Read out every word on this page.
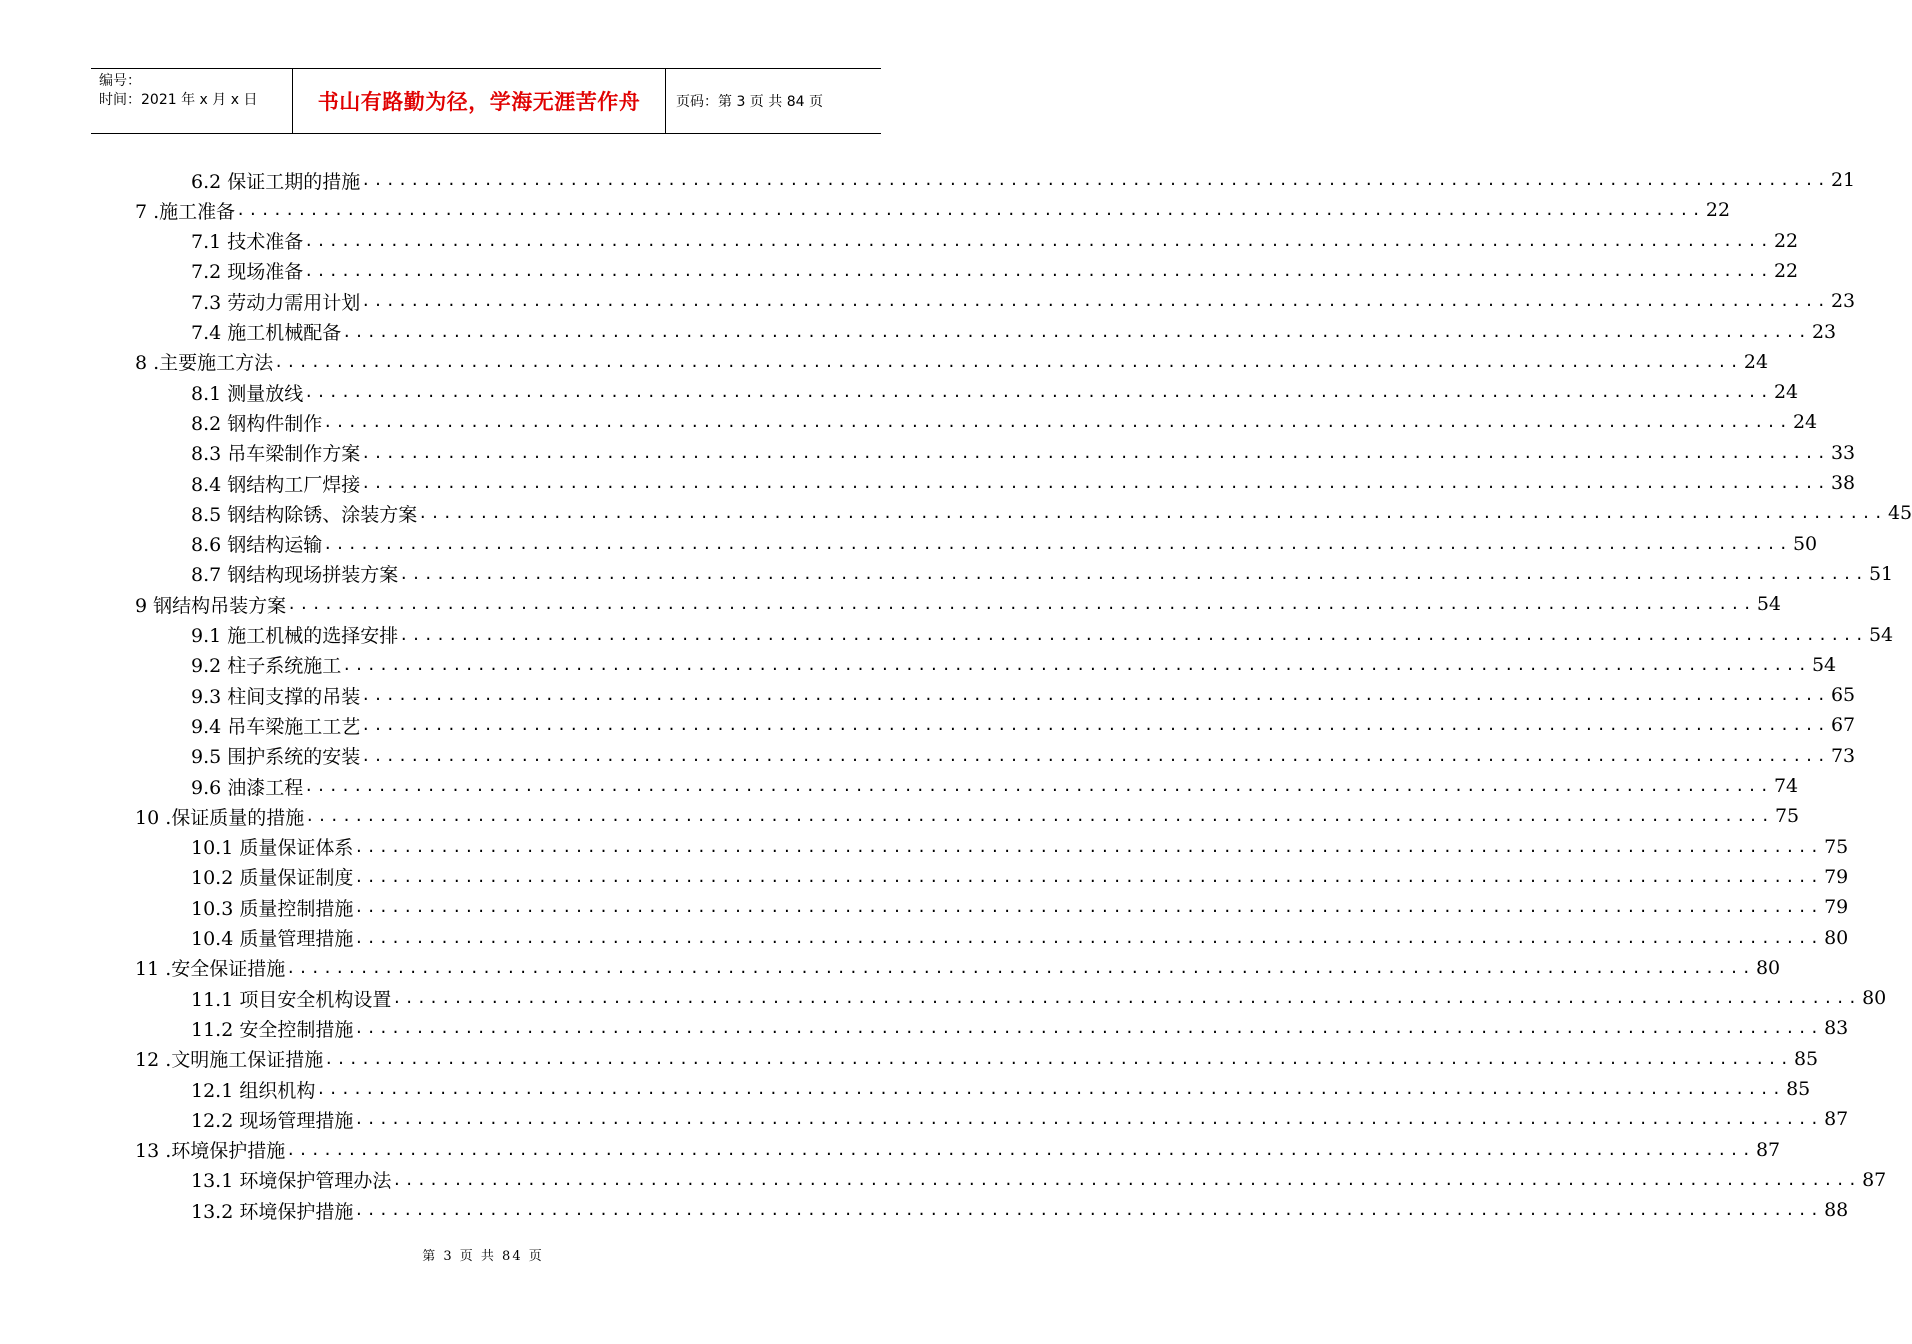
编号：
时间：2021 年 x 月 x 日	书山有路勤为径，学海无涯苦作舟	页码：第 3 页 共 84 页
6.2 保证工期的措施 ........................................................................................................................ 21
7 .施工准备 ........................................................................................................................ 22
7.1 技术准备 ........................................................................................................................ 22
7.2 现场准备 ........................................................................................................................ 22
7.3 劳动力需用计划 ........................................................................................................................ 23
7.4 施工机械配备 ........................................................................................................................ 23
8 .主要施工方法 ........................................................................................................................ 24
8.1 测量放线 ........................................................................................................................ 24
8.2 钢构件制作 ........................................................................................................................ 24
8.3 吊车梁制作方案 ........................................................................................................................ 33
8.4 钢结构工厂焊接 ........................................................................................................................ 38
8.5 钢结构除锈、涂装方案 ........................................................................................................................ 45
8.6 钢结构运输 ........................................................................................................................ 50
8.7 钢结构现场拼装方案 ........................................................................................................................ 51
9 钢结构吊装方案 ........................................................................................................................ 54
9.1 施工机械的选择安排 ........................................................................................................................ 54
9.2 柱子系统施工 ........................................................................................................................ 54
9.3 柱间支撑的吊装 ........................................................................................................................ 65
9.4 吊车梁施工工艺 ........................................................................................................................ 67
9.5 围护系统的安装 ........................................................................................................................ 73
9.6 油漆工程 ........................................................................................................................ 74
10 .保证质量的措施 ........................................................................................................................ 75
10.1 质量保证体系 ........................................................................................................................ 75
10.2 质量保证制度 ........................................................................................................................ 79
10.3 质量控制措施 ........................................................................................................................ 79
10.4 质量管理措施 ........................................................................................................................ 80
11 .安全保证措施 ........................................................................................................................ 80
11.1 项目安全机构设置 ........................................................................................................................ 80
11.2 安全控制措施 ........................................................................................................................ 83
12 .文明施工保证措施 ........................................................................................................................ 85
12.1 组织机构 ........................................................................................................................ 85
12.2 现场管理措施 ........................................................................................................................ 87
13 .环境保护措施 ........................................................................................................................ 87
13.1 环境保护管理办法 ........................................................................................................................ 87
13.2 环境保护措施 ........................................................................................................................ 88
第 3 页 共 84 页
